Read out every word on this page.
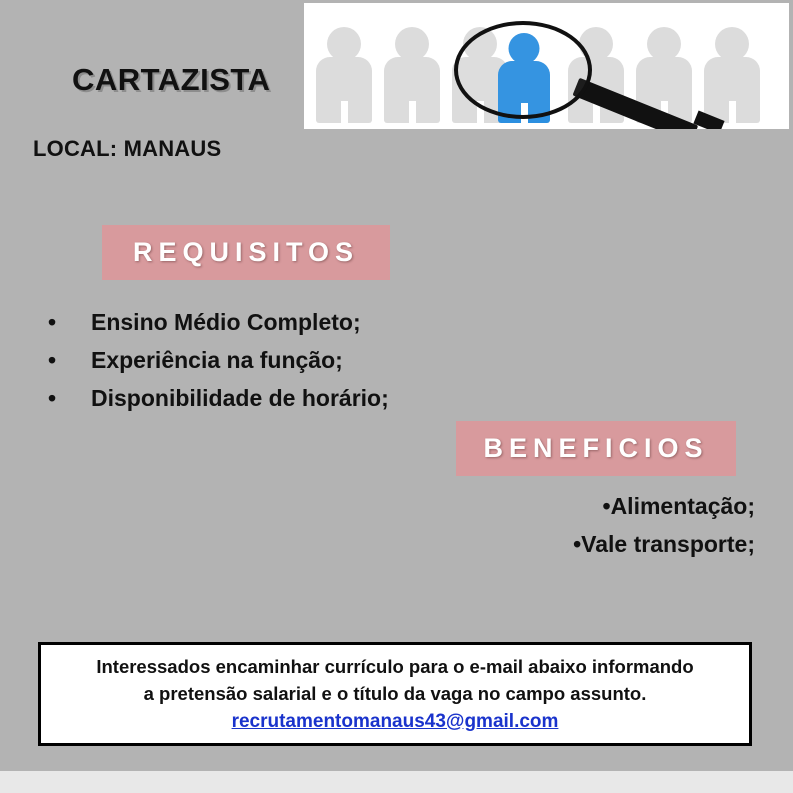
CARTAZISTA
LOCAL: MANAUS
REQUISITOS
• Ensino Médio Completo;
• Experiência na função;
• Disponibilidade de horário;
BENEFICIOS
•Alimentação;
•Vale transporte;
Interessados encaminhar currículo para o e-mail abaixo informando
a pretensão salarial e o título da vaga no campo assunto.
recrutamentomanaus43@gmail.com
